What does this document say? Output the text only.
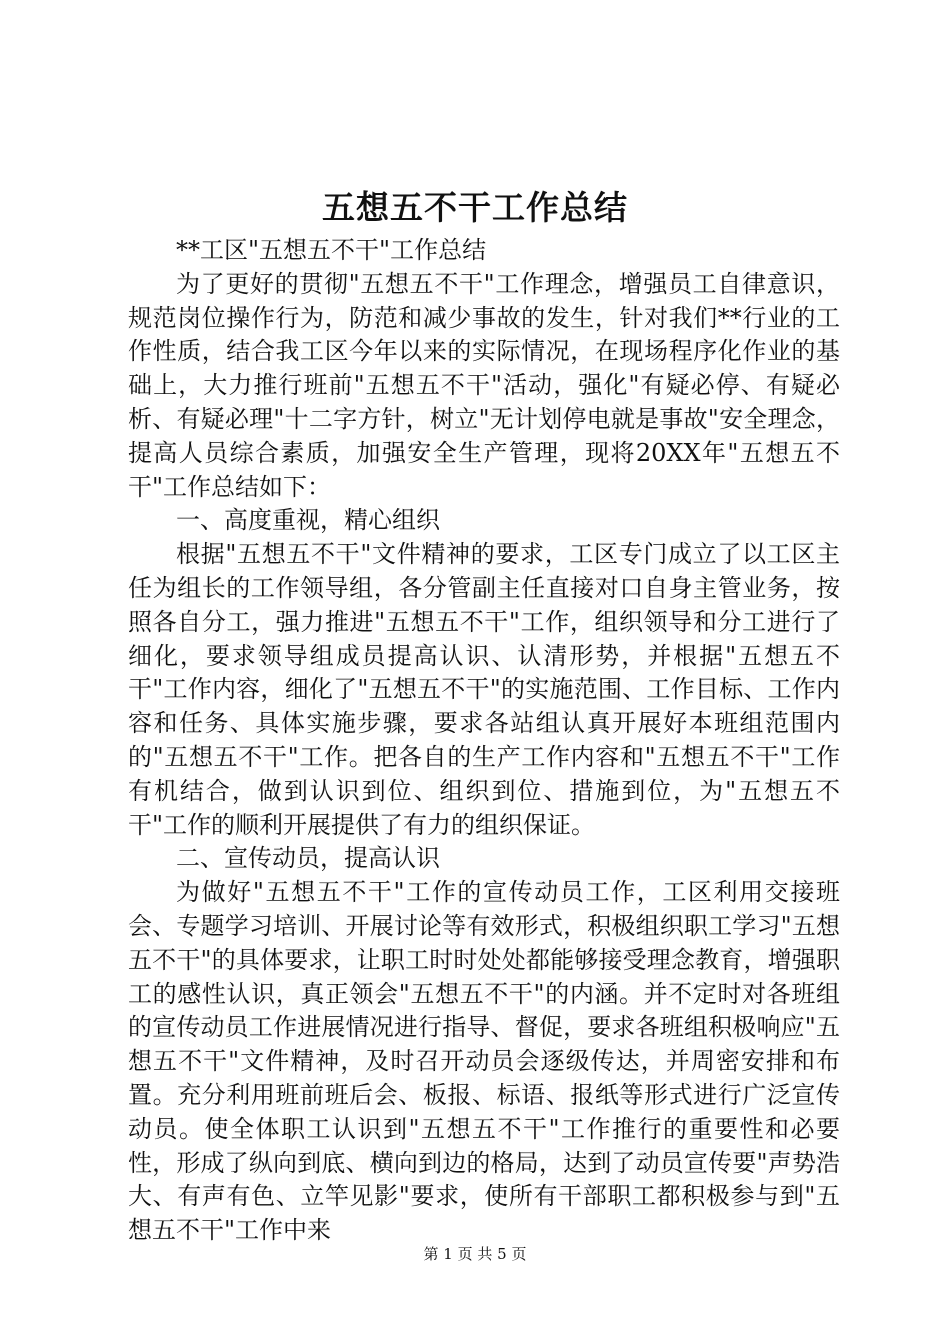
五想五不干工作总结

**工区"五想五不干"工作总结

为了更好的贯彻"五想五不干"工作理念，增强员工自律意识，规范岗位操作行为，防范和减少事故的发生，针对我们**行业的工作性质，结合我工区今年以来的实际情况，在现场程序化作业的基础上，大力推行班前"五想五不干"活动，强化"有疑必停、有疑必析、有疑必理"十二字方针，树立"无计划停电就是事故"安全理念，提高人员综合素质，加强安全生产管理，现将20XX年"五想五不干"工作总结如下：

一、高度重视，精心组织

根据"五想五不干"文件精神的要求，工区专门成立了以工区主任为组长的工作领导组，各分管副主任直接对口自身主管业务，按照各自分工，强力推进"五想五不干"工作，组织领导和分工进行了细化，要求领导组成员提高认识、认清形势，并根据"五想五不干"工作内容，细化了"五想五不干"的实施范围、工作目标、工作内容和任务、具体实施步骤，要求各站组认真开展好本班组范围内的"五想五不干"工作。把各自的生产工作内容和"五想五不干"工作有机结合，做到认识到位、组织到位、措施到位，为"五想五不干"工作的顺利开展提供了有力的组织保证。

二、宣传动员，提高认识

为做好"五想五不干"工作的宣传动员工作，工区利用交接班会、专题学习培训、开展讨论等有效形式，积极组织职工学习"五想五不干"的具体要求，让职工时时处处都能够接受理念教育，增强职工的感性认识，真正领会"五想五不干"的内涵。并不定时对各班组的宣传动员工作进展情况进行指导、督促，要求各班组积极响应"五想五不干"文件精神，及时召开动员会逐级传达，并周密安排和布置。充分利用班前班后会、板报、标语、报纸等形式进行广泛宣传动员。使全体职工认识到"五想五不干"工作推行的重要性和必要性，形成了纵向到底、横向到边的格局，达到了动员宣传要"声势浩大、有声有色、立竿见影"要求，使所有干部职工都积极参与到"五想五不干"工作中来

第 1 页 共 5 页
